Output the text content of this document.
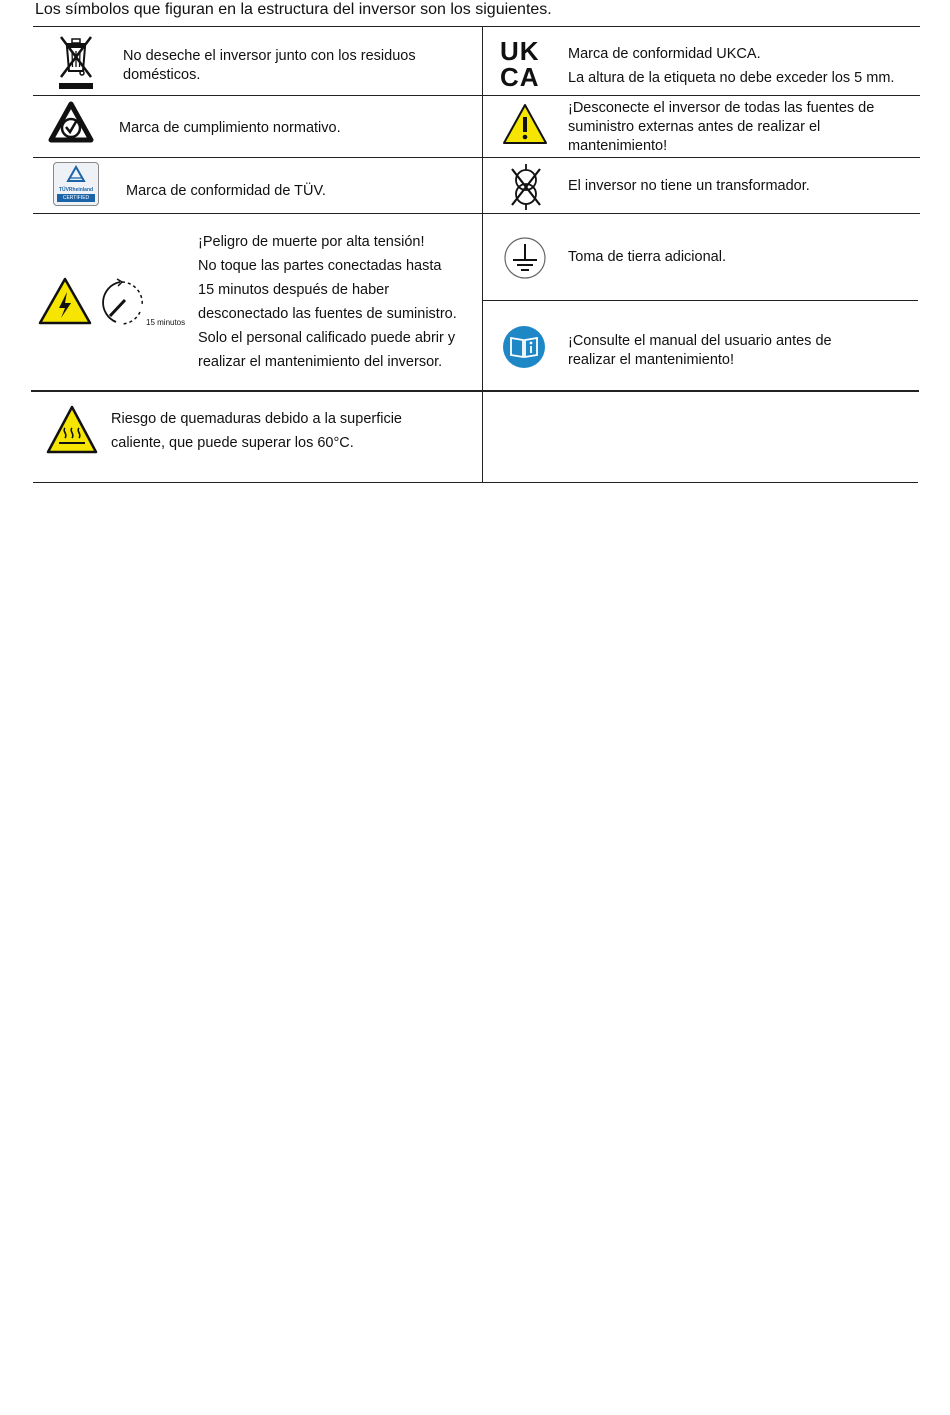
Los símbolos que figuran en la estructura del inversor son los siguientes.
No deseche el inversor junto con los residuos domésticos.
UK
CA
Marca de conformidad UKCA.
La altura de la etiqueta no debe exceder los 5 mm.
Marca de cumplimiento normativo.
¡Desconecte el inversor de todas las fuentes de suministro externas antes de realizar el mantenimiento!
TÜVRheinland
CERTIFIED	Marca de conformidad de TÜV.	El inversor no tiene un transformador.
15 minutos
¡Peligro de muerte por alta tensión!
No toque las partes conectadas hasta
15 minutos después de haber
desconectado las fuentes de suministro.
Solo el personal calificado puede abrir y
realizar el mantenimiento del inversor.
Toma de tierra adicional.
¡Consulte el manual del usuario antes de
realizar el mantenimiento!
Riesgo de quemaduras debido a la superficie
caliente, que puede superar los 60°C.
